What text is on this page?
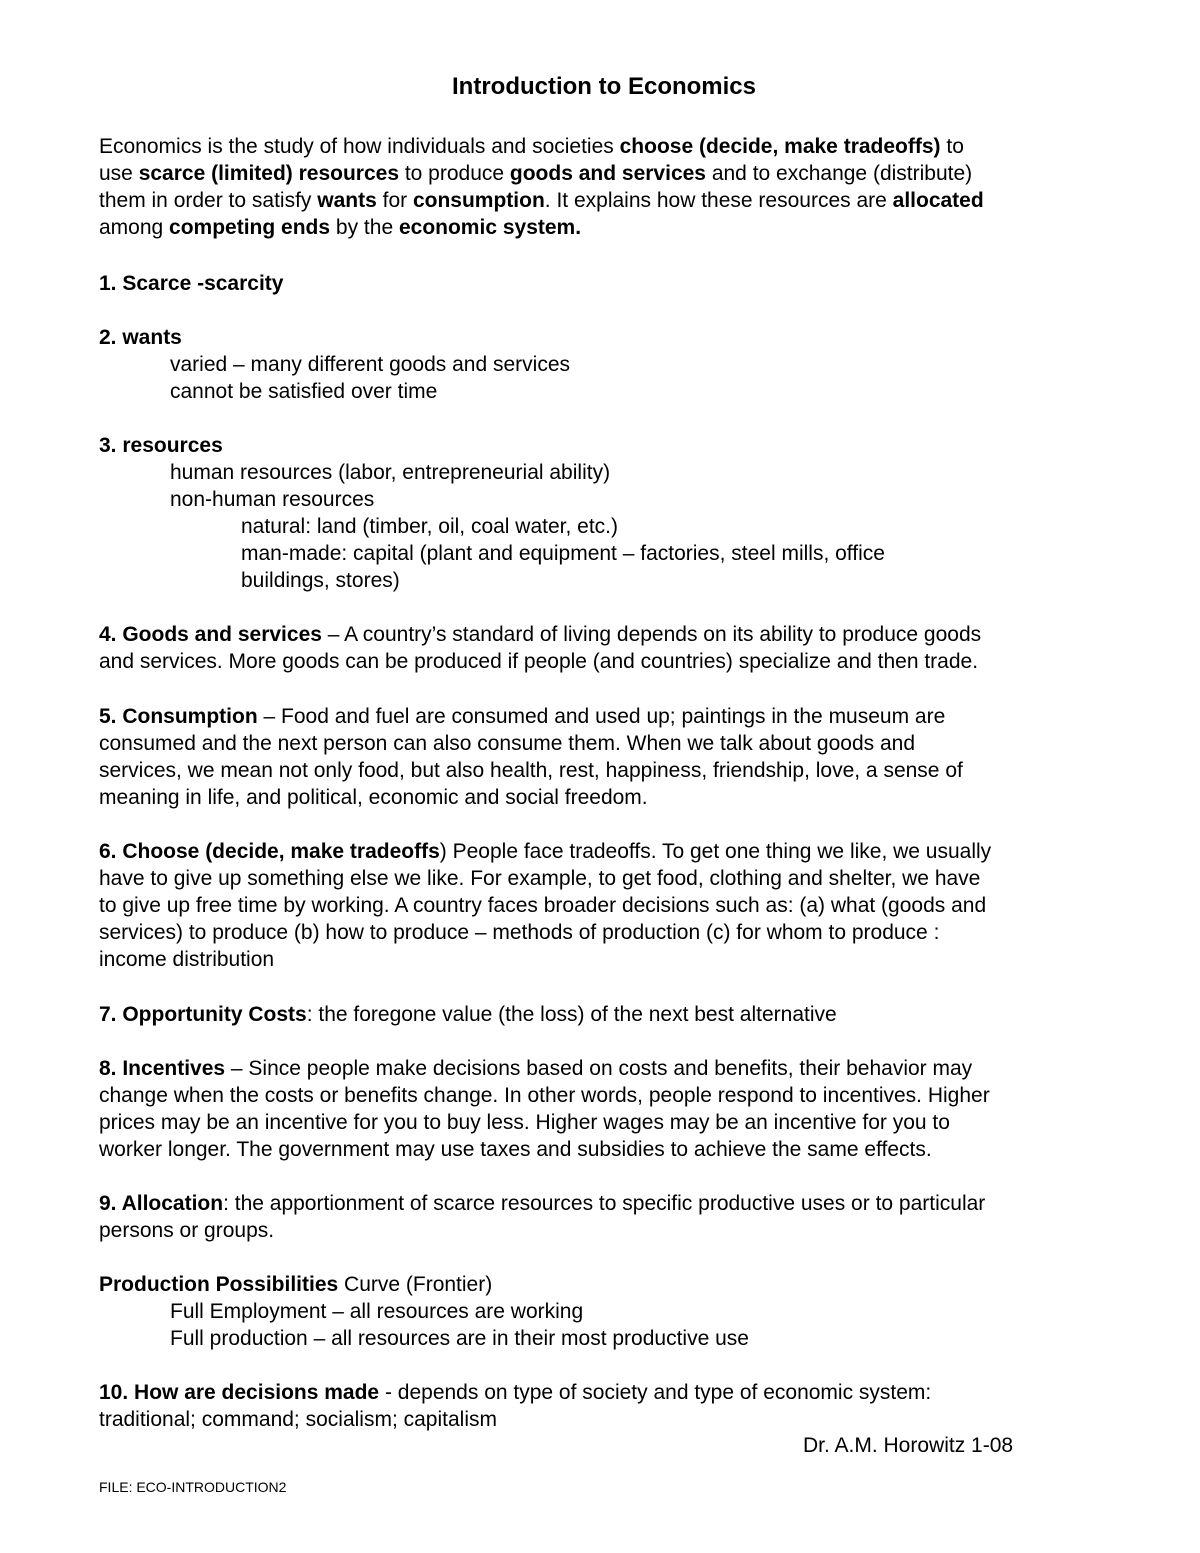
Introduction to Economics
Economics is the study of how individuals and societies choose (decide, make tradeoffs) to
use scarce (limited) resources to produce goods and services and to exchange (distribute)
them in order to satisfy wants for consumption. It explains how these resources are allocated
among competing ends by the economic system.
1. Scarce -scarcity
2. wants
varied – many different goods and services
cannot be satisfied over time
3. resources
human resources (labor, entrepreneurial ability)
non-human resources
natural: land (timber, oil, coal water, etc.)
man-made: capital (plant and equipment – factories, steel mills, office
buildings, stores)
4. Goods and services – A country’s standard of living depends on its ability to produce goods
and services. More goods can be produced if people (and countries) specialize and then trade.
5. Consumption – Food and fuel are consumed and used up; paintings in the museum are
consumed and the next person can also consume them. When we talk about goods and
services, we mean not only food, but also health, rest, happiness, friendship, love, a sense of
meaning in life, and political, economic and social freedom.
6. Choose (decide, make tradeoffs) People face tradeoffs. To get one thing we like, we usually
have to give up something else we like. For example, to get food, clothing and shelter, we have
to give up free time by working. A country faces broader decisions such as: (a) what (goods and
services) to produce (b) how to produce – methods of production (c) for whom to produce :
income distribution
7. Opportunity Costs: the foregone value (the loss) of the next best alternative
8. Incentives – Since people make decisions based on costs and benefits, their behavior may
change when the costs or benefits change. In other words, people respond to incentives. Higher
prices may be an incentive for you to buy less. Higher wages may be an incentive for you to
worker longer. The government may use taxes and subsidies to achieve the same effects.
9. Allocation: the apportionment of scarce resources to specific productive uses or to particular
persons or groups.
Production Possibilities Curve (Frontier)
Full Employment – all resources are working
Full production – all resources are in their most productive use
10. How are decisions made - depends on type of society and type of economic system:
traditional; command; socialism; capitalism
Dr. A.M. Horowitz 1-08
FILE: ECO-INTRODUCTION2
